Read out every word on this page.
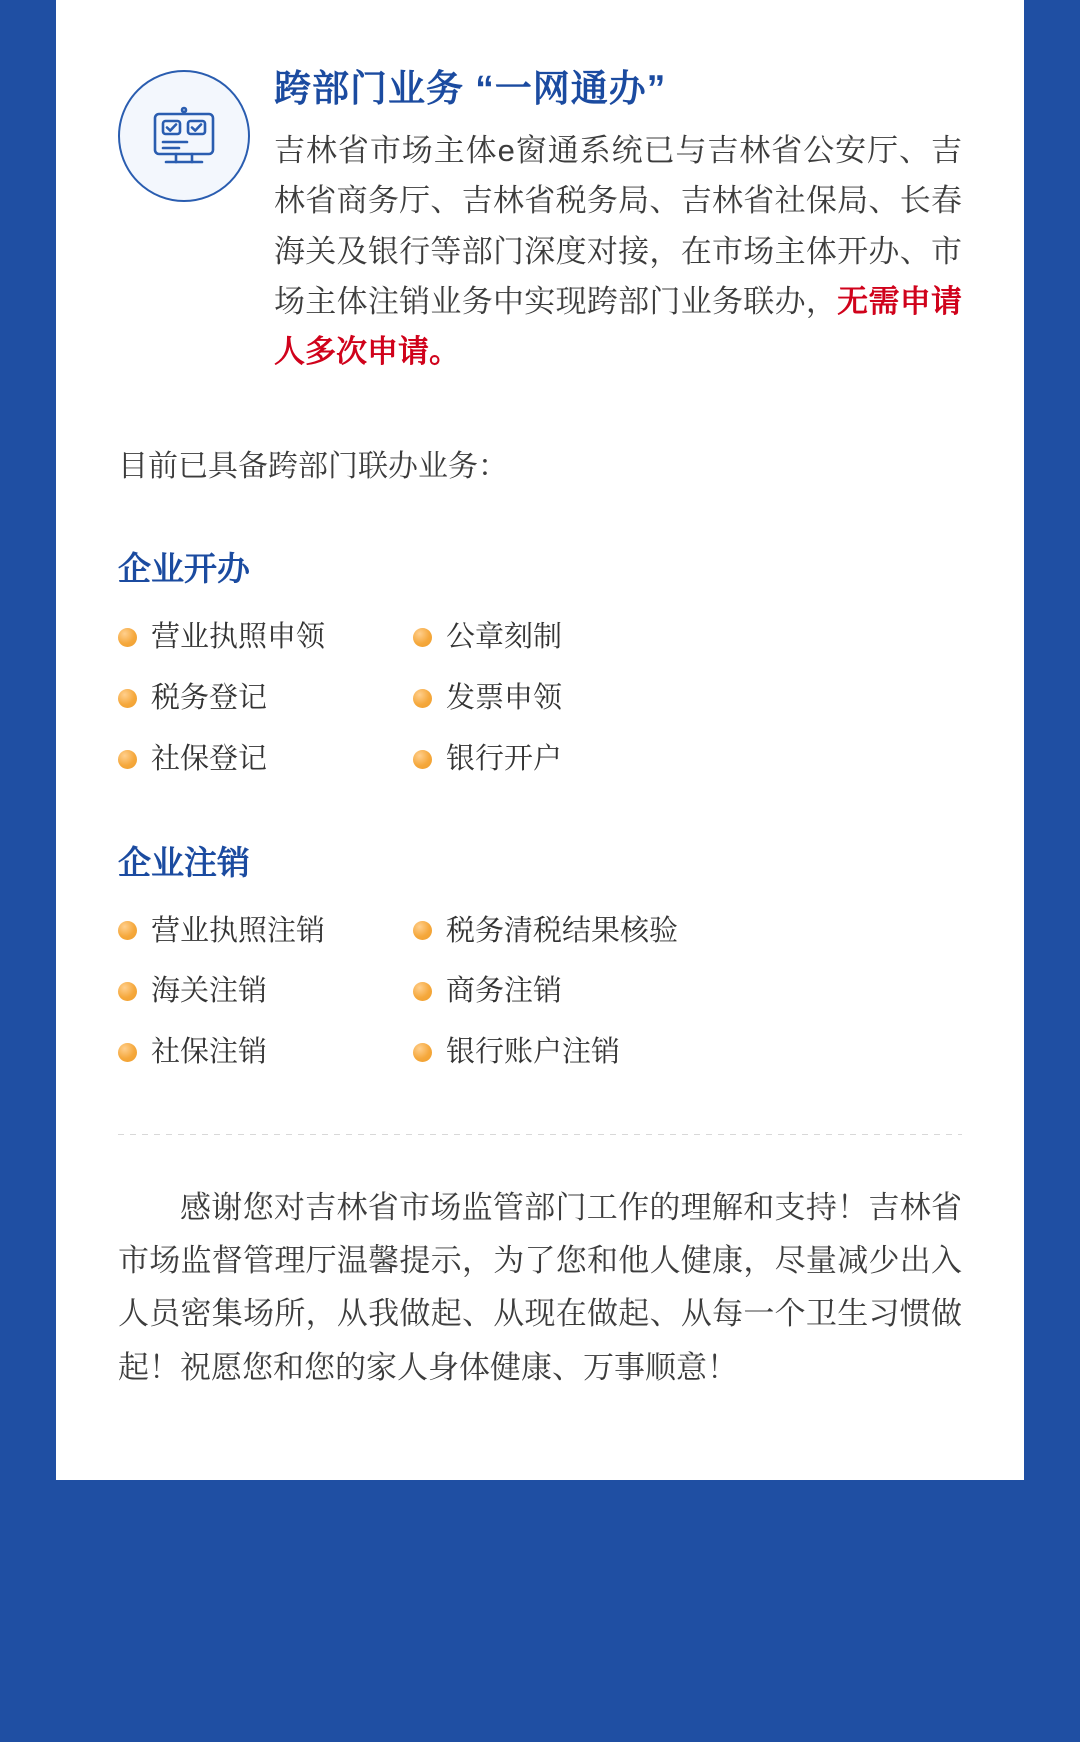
跨部门业务 “一网通办”
吉林省市场主体e窗通系统已与吉林省公安厅、吉林省商务厅、吉林省税务局、吉林省社保局、长春海关及银行等部门深度对接，在市场主体开办、市场主体注销业务中实现跨部门业务联办，无需申请人多次申请。
目前已具备跨部门联办业务：
企业开办
营业执照申领	公章刻制
税务登记	发票申领
社保登记	银行开户
企业注销
营业执照注销	税务清税结果核验
海关注销	商务注销
社保注销	银行账户注销
感谢您对吉林省市场监管部门工作的理解和支持！吉林省市场监督管理厅温馨提示，为了您和他人健康，尽量减少出入人员密集场所，从我做起、从现在做起、从每一个卫生习惯做起！祝愿您和您的家人身体健康、万事顺意！
